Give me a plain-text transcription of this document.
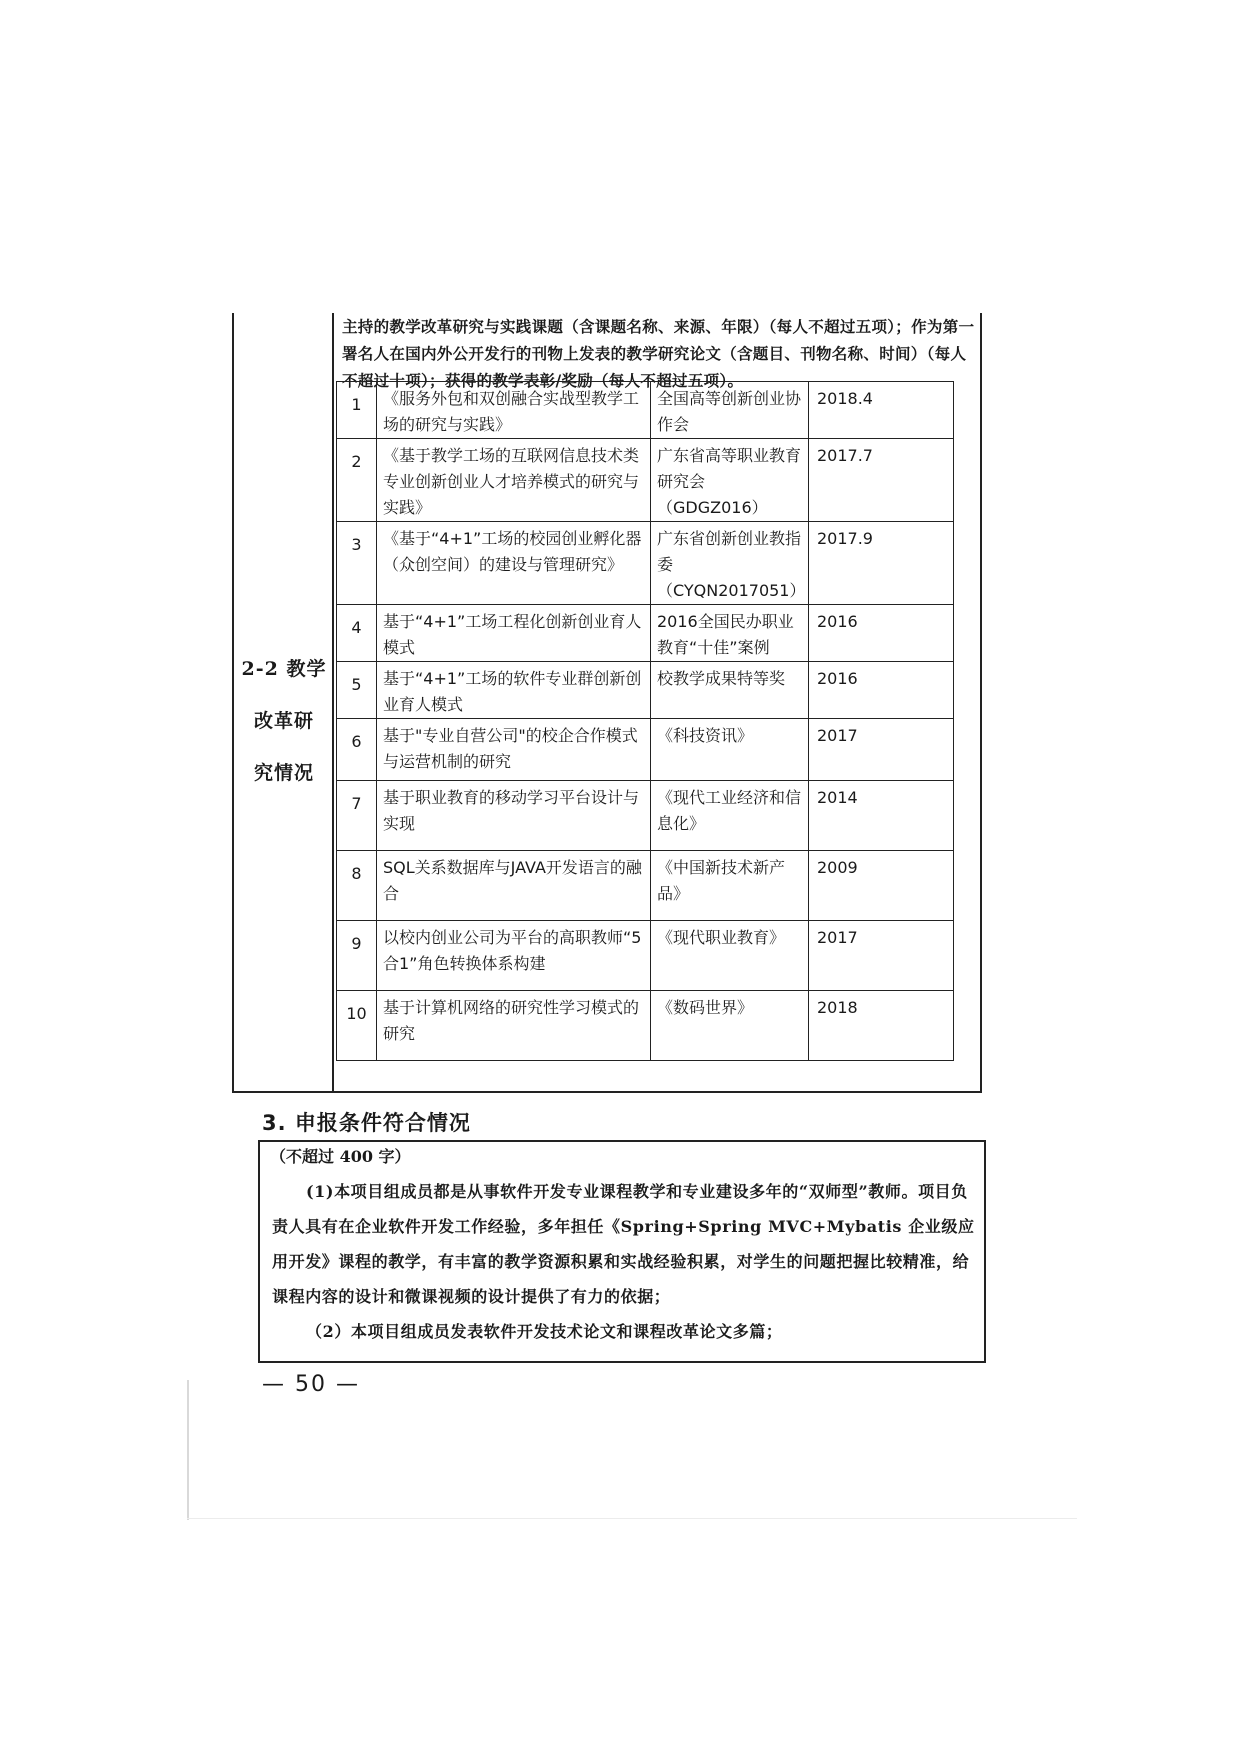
2-2 教学
改革研
究情况
主持的教学改革研究与实践课题（含课题名称、来源、年限）（每人不超过五项）；作为第一署名人在国内外公开发行的刊物上发表的教学研究论文（含题目、刊物名称、时间）（每人不超过十项）；获得的教学表彰/奖励（每人不超过五项）。
1	《服务外包和双创融合实战型教学工场的研究与实践》	全国高等创新创业协作会	2018.4	
2	《基于教学工场的互联网信息技术类专业创新创业人才培养模式的研究与实践》	广东省高等职业教育研究会（GDGZ016）	2017.7	
3	《基于“4+1”工场的校园创业孵化器（众创空间）的建设与管理研究》	广东省创新创业教指委（CYQN2017051）	2017.9	
4	基于“4+1”工场工程化创新创业育人模式	2016全国民办职业教育“十佳”案例	2016	
5	基于“4+1”工场的软件专业群创新创业育人模式	校教学成果特等奖	2016	
6	基于"专业自营公司"的校企合作模式与运营机制的研究	《科技资讯》	2017	
7	基于职业教育的移动学习平台设计与实现	《现代工业经济和信息化》	2014	
8	SQL关系数据库与JAVA开发语言的融合	《中国新技术新产品》	2009	
9	以校内创业公司为平台的高职教师“5合1”角色转换体系构建	《现代职业教育》	2017	
10	基于计算机网络的研究性学习模式的研究	《数码世界》	2018	
3. 申报条件符合情况
（不超过 400 字）

(1)本项目组成员都是从事软件开发专业课程教学和专业建设多年的“双师型”教师。项目负责人具有在企业软件开发工作经验，多年担任《Spring+Spring MVC+Mybatis 企业级应用开发》课程的教学，有丰富的教学资源积累和实战经验积累，对学生的问题把握比较精准，给课程内容的设计和微课视频的设计提供了有力的依据；

（2）本项目组成员发表软件开发技术论文和课程改革论文多篇；

— 50 —
